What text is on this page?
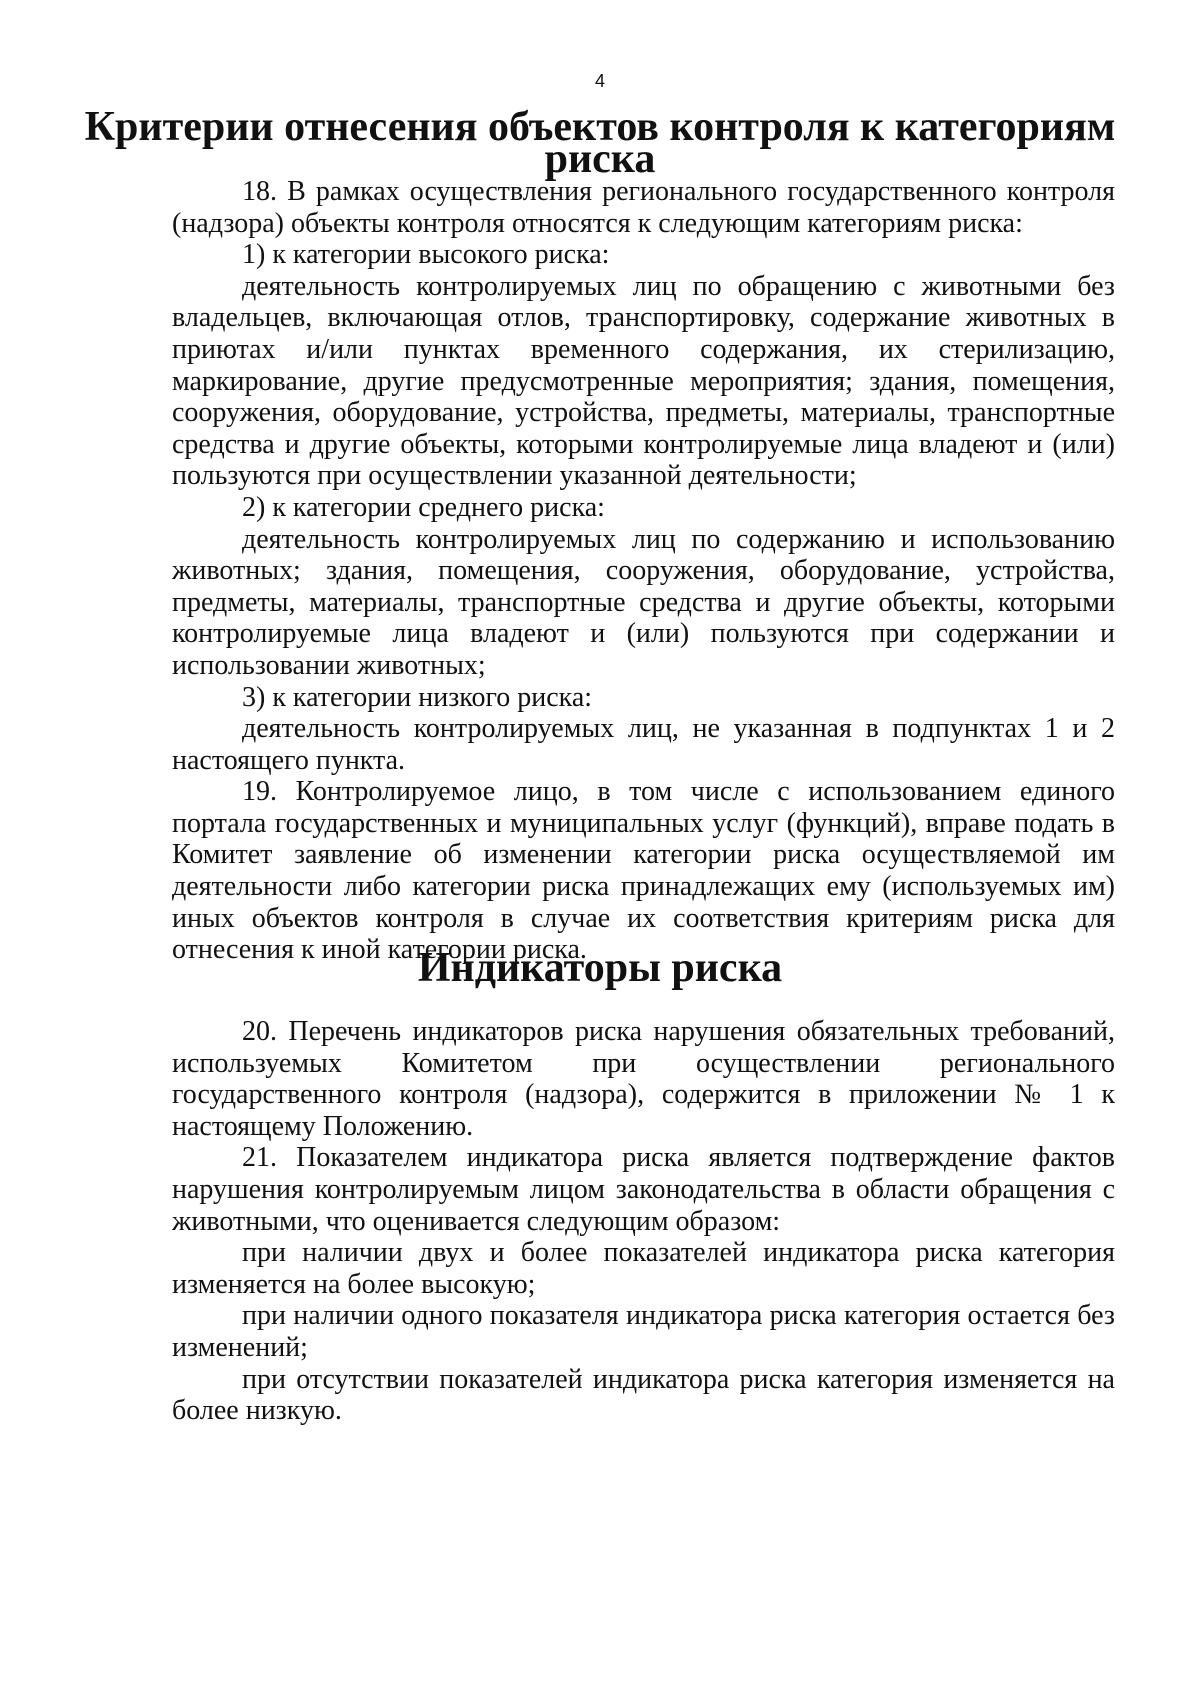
4
Критерии отнесения объектов контроля к категориям риска

18. В рамках осуществления регионального государственного контроля (надзора) объекты контроля относятся к следующим категориям риска:

1) к категории высокого риска:

деятельность контролируемых лиц по обращению с животными без владельцев, включающая отлов, транспортировку, содержание животных в приютах и/или пунктах временного содержания, их стерилизацию, маркирование, другие предусмотренные мероприятия; здания, помещения, сооружения, оборудование, устройства, предметы, материалы, транспортные средства и другие объекты, которыми контролируемые лица владеют и (или) пользуются при осуществлении указанной деятельности;

2) к категории среднего риска:

деятельность контролируемых лиц по содержанию и использованию животных; здания, помещения, сооружения, оборудование, устройства, предметы, материалы, транспортные средства и другие объекты, которыми контролируемые лица владеют и (или) пользуются при содержании и использовании животных;

3) к категории низкого риска:

деятельность контролируемых лиц, не указанная в подпунктах 1 и 2 настоящего пункта.

19. Контролируемое лицо, в том числе с использованием единого портала государственных и муниципальных услуг (функций), вправе подать в Комитет заявление об изменении категории риска осуществляемой им деятельности либо категории риска принадлежащих ему (используемых им) иных объектов контроля в случае их соответствия критериям риска для отнесения к иной категории риска.

Индикаторы риска

20. Перечень индикаторов риска нарушения обязательных требований, используемых Комитетом при осуществлении регионального государственного контроля (надзора), содержится в приложении № 1 к настоящему Положению.

21. Показателем индикатора риска является подтверждение фактов нарушения контролируемым лицом законодательства в области обращения с животными, что оценивается следующим образом:

при наличии двух и более показателей индикатора риска категория изменяется на более высокую;

при наличии одного показателя индикатора риска категория остается без изменений;

при отсутствии показателей индикатора риска категория изменяется на более низкую.
